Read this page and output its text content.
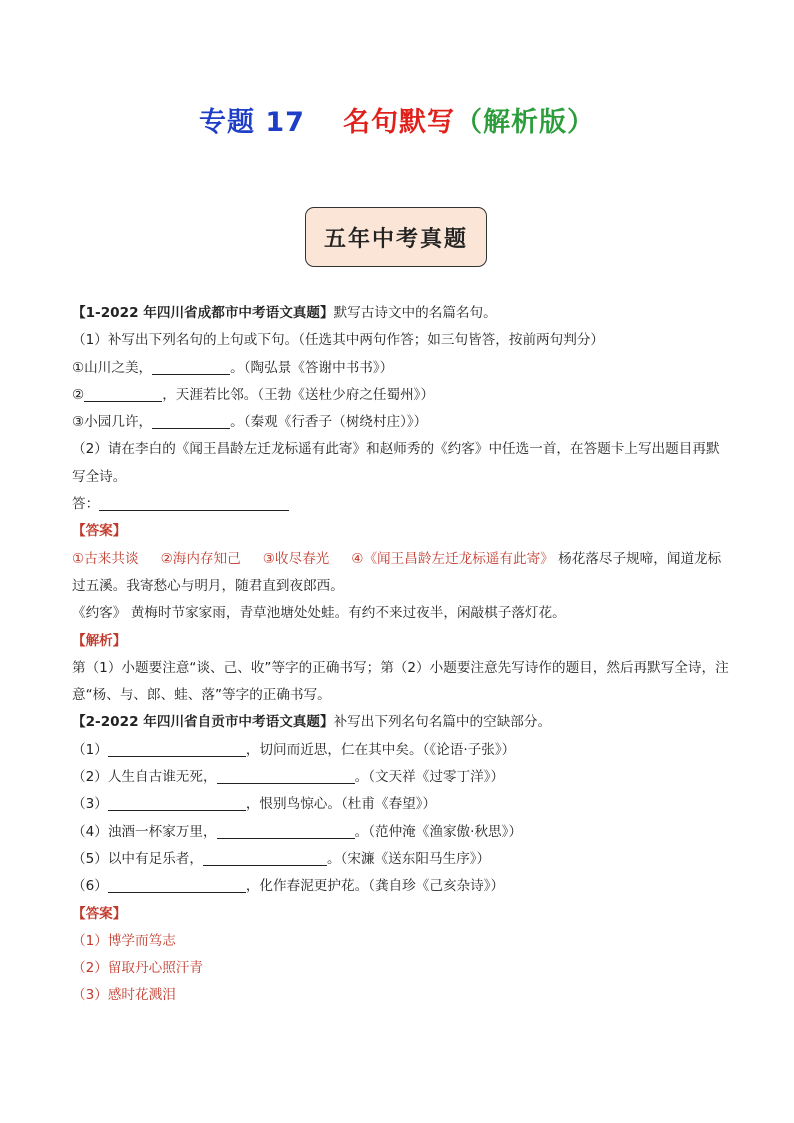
专题 17 名句默写（解析版）
五年中考真题
【1-2022 年四川省成都市中考语文真题】默写古诗文中的名篇名句。
（1）补写出下列名句的上句或下句。（任选其中两句作答；如三句皆答，按前两句判分）
①山川之美，	。（陶弘景《答谢中书书》）
②	，天涯若比邻。（王勃《送杜少府之任蜀州》）
③小园几许，	。（秦观《行香子（树绕村庄）》）
（2）请在李白的《闻王昌龄左迁龙标遥有此寄》和赵师秀的《约客》中任选一首，在答题卡上写出题目再默写全诗。
答：
【答案】
①古来共谈 ②海内存知己 ③收尽春光 ④《闻王昌龄左迁龙标遥有此寄》 杨花落尽子规啼，闻道龙标过五溪。我寄愁心与明月，随君直到夜郎西。
《约客》 黄梅时节家家雨，青草池塘处处蛙。有约不来过夜半，闲敲棋子落灯花。
【解析】
第（1）小题要注意“谈、己、收”等字的正确书写；第（2）小题要注意先写诗作的题目，然后再默写全诗，注意“杨、与、郎、蛙、落”等字的正确书写。
【2-2022 年四川省自贡市中考语文真题】补写出下列名句名篇中的空缺部分。
（1）	，切问而近思，仁在其中矣。（《论语·子张》）
（2）人生自古谁无死，	。（文天祥《过零丁洋》）
（3）	，恨别鸟惊心。（杜甫《春望》）
（4）浊酒一杯家万里，	。（范仲淹《渔家傲·秋思》）
（5）以中有足乐者，	。（宋濂《送东阳马生序》）
（6）	，化作春泥更护花。（龚自珍《己亥杂诗》）
【答案】
（1）博学而笃志
（2）留取丹心照汗青
（3）感时花溅泪
